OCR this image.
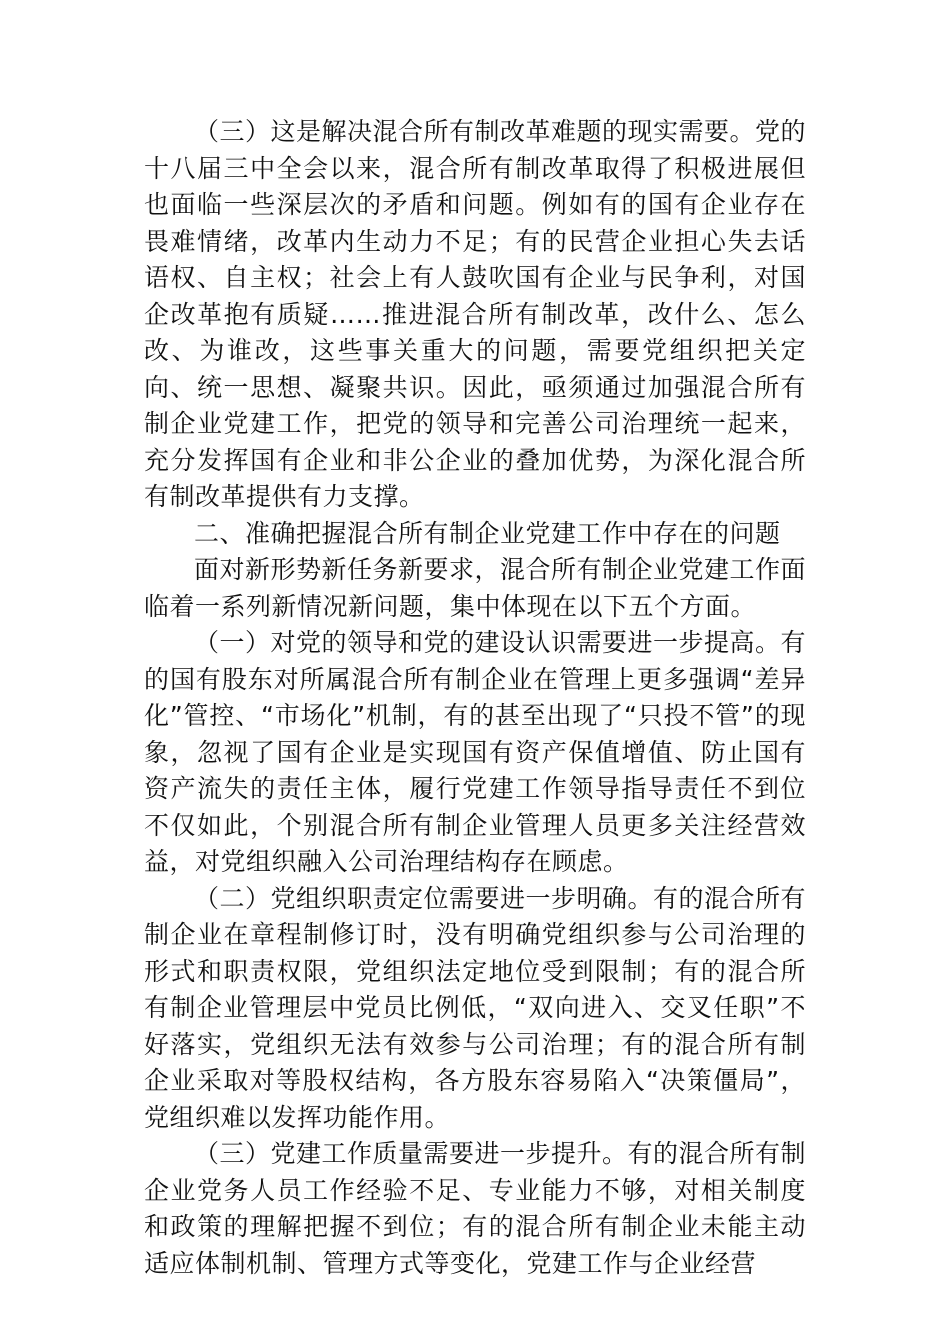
（三）这是解决混合所有制改革难题的现实需要。党的十八届三中全会以来，混合所有制改革取得了积极进展但也面临一些深层次的矛盾和问题。例如有的国有企业存在畏难情绪，改革内生动力不足；有的民营企业担心失去话语权、自主权；社会上有人鼓吹国有企业与民争利，对国企改革抱有质疑……推进混合所有制改革，改什么、怎么改、为谁改，这些事关重大的问题，需要党组织把关定向、统一思想、凝聚共识。因此，亟须通过加强混合所有制企业党建工作，把党的领导和完善公司治理统一起来，充分发挥国有企业和非公企业的叠加优势，为深化混合所有制改革提供有力支撑。

二、准确把握混合所有制企业党建工作中存在的问题

面对新形势新任务新要求，混合所有制企业党建工作面临着一系列新情况新问题，集中体现在以下五个方面。

（一）对党的领导和党的建设认识需要进一步提高。有的国有股东对所属混合所有制企业在管理上更多强调“差异化”管控、“市场化”机制，有的甚至出现了“只投不管”的现象，忽视了国有企业是实现国有资产保值增值、防止国有资产流失的责任主体，履行党建工作领导指导责任不到位不仅如此，个别混合所有制企业管理人员更多关注经营效益，对党组织融入公司治理结构存在顾虑。

（二）党组织职责定位需要进一步明确。有的混合所有制企业在章程制修订时，没有明确党组织参与公司治理的形式和职责权限，党组织法定地位受到限制；有的混合所有制企业管理层中党员比例低，“双向进入、交叉任职”不好落实，党组织无法有效参与公司治理；有的混合所有制企业采取对等股权结构，各方股东容易陷入“决策僵局”，党组织难以发挥功能作用。

（三）党建工作质量需要进一步提升。有的混合所有制企业党务人员工作经验不足、专业能力不够，对相关制度和政策的理解把握不到位；有的混合所有制企业未能主动适应体制机制、管理方式等变化，党建工作与企业经营
